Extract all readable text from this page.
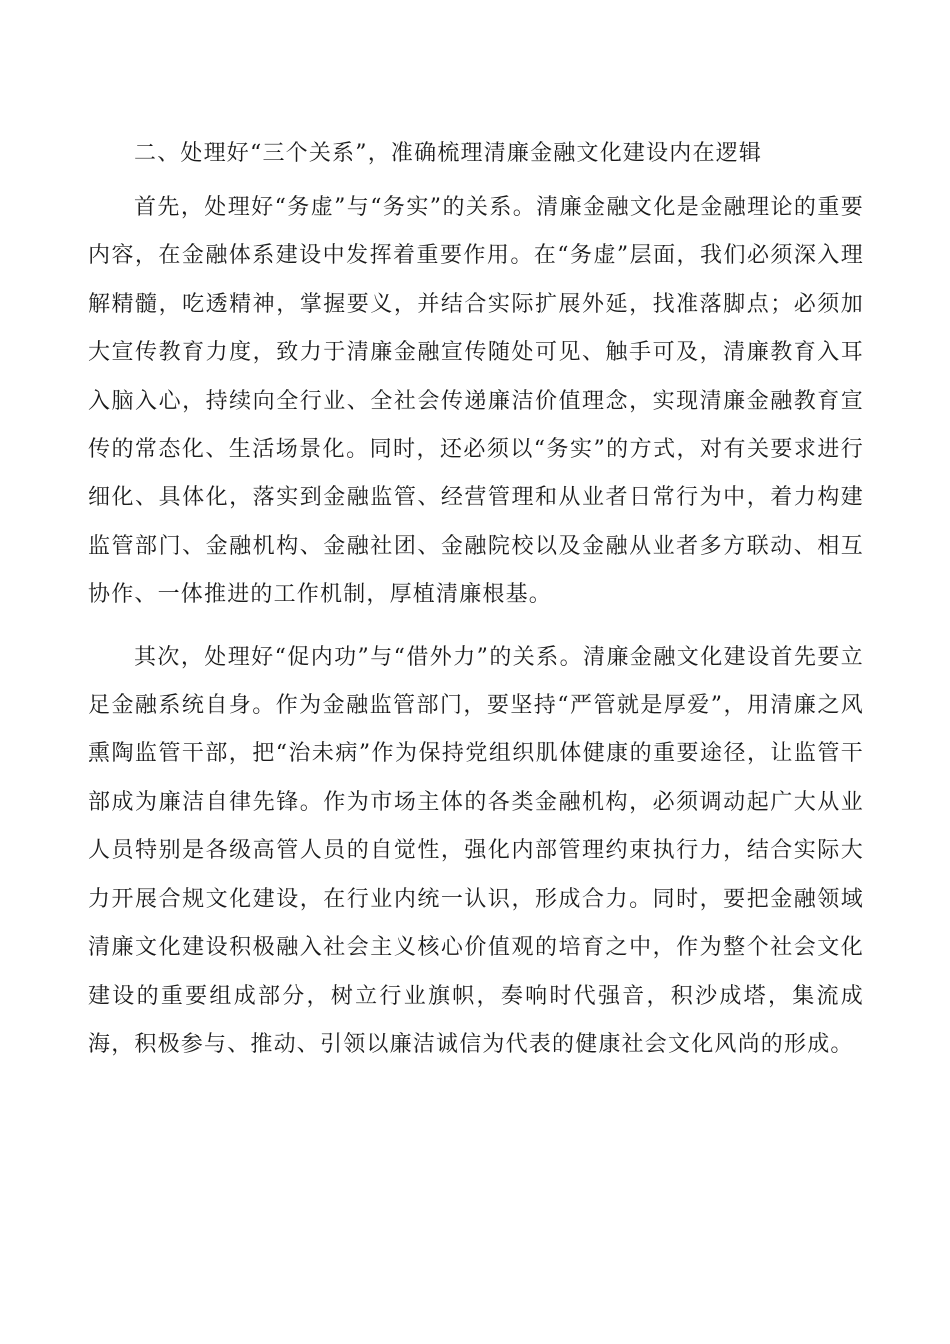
二、处理好“三个关系”，准确梳理清廉金融文化建设内在逻辑

首先，处理好“务虚”与“务实”的关系。清廉金融文化是金融理论的重要内容，在金融体系建设中发挥着重要作用。在“务虚”层面，我们必须深入理解精髓，吃透精神，掌握要义，并结合实际扩展外延，找准落脚点；必须加大宣传教育力度，致力于清廉金融宣传随处可见、触手可及，清廉教育入耳入脑入心，持续向全行业、全社会传递廉洁价值理念，实现清廉金融教育宣传的常态化、生活场景化。同时，还必须以“务实”的方式，对有关要求进行细化、具体化，落实到金融监管、经营管理和从业者日常行为中，着力构建监管部门、金融机构、金融社团、金融院校以及金融从业者多方联动、相互协作、一体推进的工作机制，厚植清廉根基。

其次，处理好“促内功”与“借外力”的关系。清廉金融文化建设首先要立足金融系统自身。作为金融监管部门，要坚持“严管就是厚爱”，用清廉之风熏陶监管干部，把“治未病”作为保持党组织肌体健康的重要途径，让监管干部成为廉洁自律先锋。作为市场主体的各类金融机构，必须调动起广大从业人员特别是各级高管人员的自觉性，强化内部管理约束执行力，结合实际大力开展合规文化建设，在行业内统一认识，形成合力。同时，要把金融领域清廉文化建设积极融入社会主义核心价值观的培育之中，作为整个社会文化建设的重要组成部分，树立行业旗帜，奏响时代强音，积沙成塔，集流成海，积极参与、推动、引领以廉洁诚信为代表的健康社会文化风尚的形成。
